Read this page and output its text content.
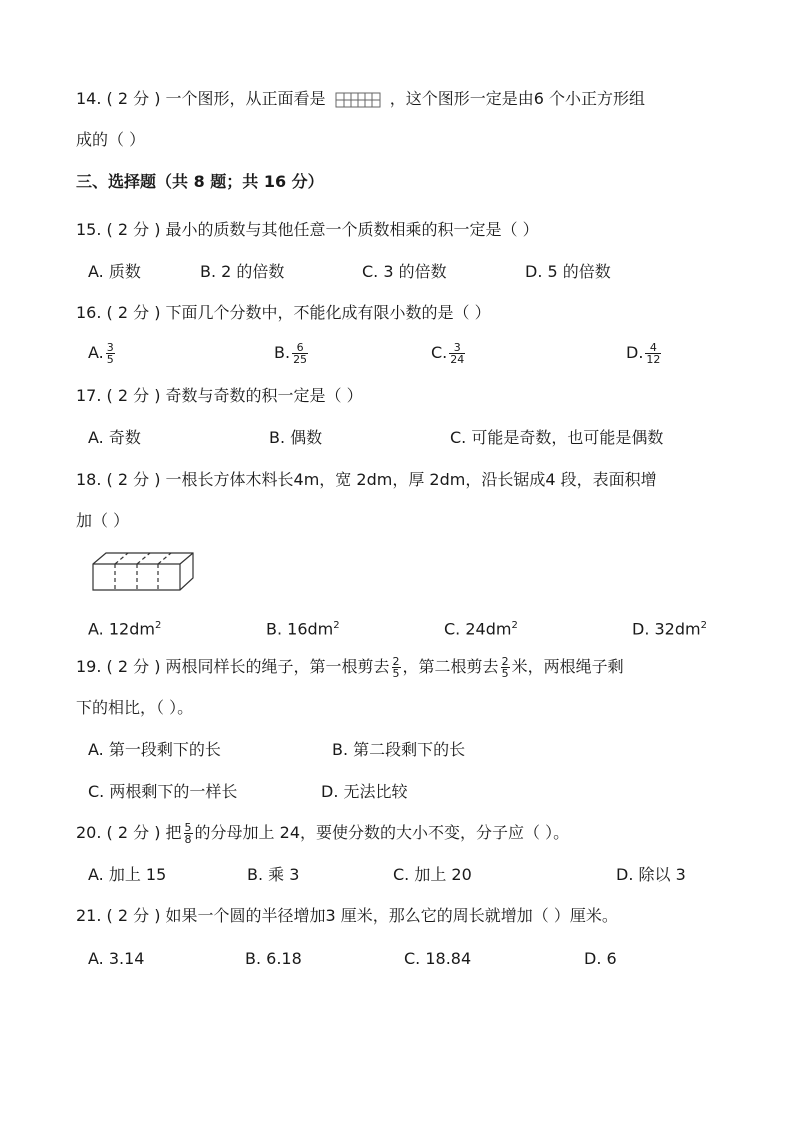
14. ( 2 分 ) 一个图形，从正面看是	，这个图形一定是由6 个小正方形组
成的（ ）
三、选择题（共 8 题；共 16 分）
15. ( 2 分 ) 最小的质数与其他任意一个质数相乘的积一定是（ ）
A. 质数	B. 2 的倍数	C. 3 的倍数	D. 5 的倍数
16. ( 2 分 ) 下面几个分数中，不能化成有限小数的是（ ）
A. $\frac{3}{5}$	B. $\frac{6}{25}$	C. $\frac{3}{24}$	D. $\frac{4}{12}$
17. ( 2 分 ) 奇数与奇数的积一定是（ ）
A. 奇数	B. 偶数	C. 可能是奇数，也可能是偶数
18. ( 2 分 ) 一根长方体木料长4m，宽 2dm，厚 2dm，沿长锯成4 段，表面积增
加（ ）
A. $12dm^2$	B. $16dm^2$	C. $24dm^2$	D. $32dm^2$
19. ( 2 分 ) 两根同样长的绳子，第一根剪去 $\frac{2}{5}$ ，第二根剪去 $\frac{2}{5}$ 米，两根绳子剩
下的相比，（ ）。
A. 第一段剩下的长	B. 第二段剩下的长
C. 两根剩下的一样长	D. 无法比较
20. ( 2 分 ) 把 $\frac{5}{8}$ 的分母加上 24，要使分数的大小不变，分子应（ ）。
A. 加上 15	B. 乘 3	C. 加上 20	D. 除以 3
21. ( 2 分 ) 如果一个圆的半径增加3 厘米，那么它的周长就增加（ ）厘米。
A. 3.14	B. 6.18	C. 18.84	D. 6
